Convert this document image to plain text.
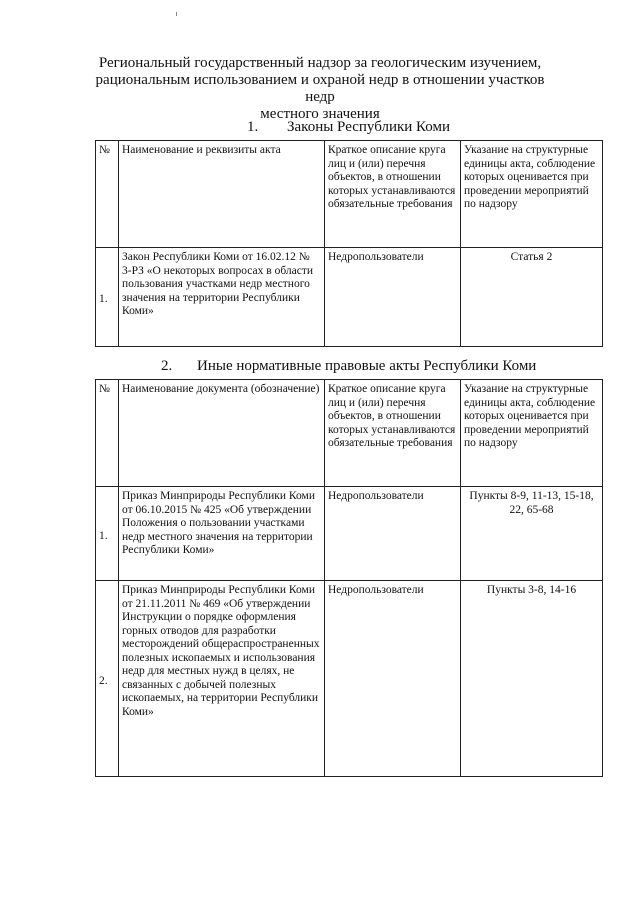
Региональный государственный надзор за геологическим изучением,
рациональным использованием и охраной недр в отношении участков недр
местного значения
1. Законы Республики Коми
№	Наименование и реквизиты акта	Краткое описание круга лиц и (или) перечня объектов, в отношении которых устанавливаются обязательные требования	Указание на структурные единицы акта, соблюдение которых оценивается при проведении мероприятий по надзору

1.	Закон Республики Коми от 16.02.12 № 3-РЗ «О некоторых вопросах в области пользования участками недр местного значения на территории Республики Коми»	Недропользователи	Статья 2
2. Иные нормативные правовые акты Республики Коми
№	Наименование документа (обозначение)	Краткое описание круга лиц и (или) перечня объектов, в отношении которых устанавливаются обязательные требования	Указание на структурные единицы акта, соблюдение которых оценивается при проведении мероприятий по надзору

1.	Приказ Минприроды Республики Коми от 06.10.2015 № 425 «Об утверждении Положения о пользовании участками недр местного значения на территории Республики Коми»	Недропользователи	Пункты 8-9, 11-13, 15-18, 22, 65-68

2.	Приказ Минприроды Республики Коми от 21.11.2011 № 469 «Об утверждении Инструкции о порядке оформления горных отводов для разработки месторождений общераспространенных полезных ископаемых и использования недр для местных нужд в целях, не связанных с добычей полезных ископаемых, на территории Республики Коми»	Недропользователи	Пункты 3-8, 14-16
